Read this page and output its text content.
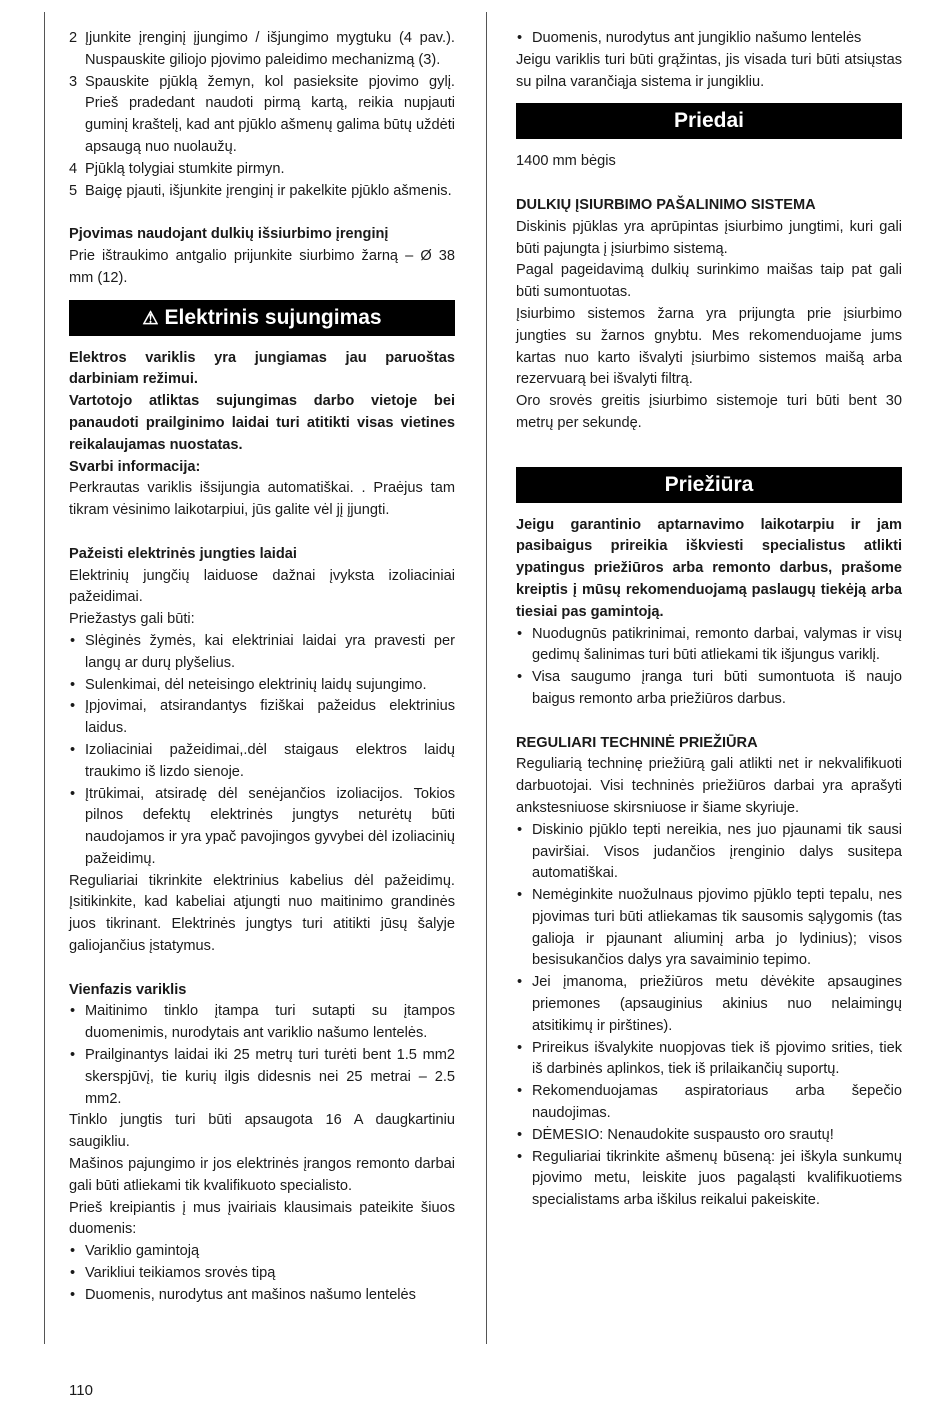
2 Įjunkite įrenginį įjungimo / išjungimo mygtuku (4 pav.). Nuspauskite giliojo pjovimo paleidimo mechanizmą (3).
3 Spauskite pjūklą žemyn, kol pasieksite pjovimo gylį. Prieš pradedant naudoti pirmą kartą, reikia nupjauti guminį kraštelį, kad ant pjūklo ašmenų galima būtų uždėti apsaugą nuo nuolaužų.
4 Pjūklą tolygiai stumkite pirmyn.
5 Baigę pjauti, išjunkite įrenginį ir pakelkite pjūklo ašmenis.

Pjovimas naudojant dulkių išsiurbimo įrenginį

Prie ištraukimo antgalio prijunkite siurbimo žarną – Ø 38 mm (12).

⚠ Elektrinis sujungimas

Elektros variklis yra jungiamas jau paruoštas darbiniam režimui.

Vartotojo atliktas sujungimas darbo vietoje bei panaudoti prailginimo laidai turi atitikti visas vietines reikalaujamas nuostatas.

Svarbi informacija:

Perkrautas variklis išsijungia automatiškai. . Praėjus tam tikram vėsinimo laikotarpiui, jūs galite vėl jį įjungti.

Pažeisti elektrinės jungties laidai

Elektrinių jungčių laiduose dažnai įvyksta izoliaciniai pažeidimai.

Priežastys gali būti:

• Slėginės žymės, kai elektriniai laidai yra pravesti per langų ar durų plyšelius.
• Sulenkimai, dėl neteisingo elektrinių laidų sujungimo.
• Įpjovimai, atsirandantys fiziškai pažeidus elektrinius laidus.
• Izoliaciniai pažeidimai,.dėl staigaus elektros laidų traukimo iš lizdo sienoje.
• Įtrūkimai, atsiradę dėl senėjančios izoliacijos. Tokios pilnos defektų elektrinės jungtys neturėtų būti naudojamos ir yra ypač pavojingos gyvybei dėl izoliacinių pažeidimų.

Reguliariai tikrinkite elektrinius kabelius dėl pažeidimų. Įsitikinkite, kad kabeliai atjungti nuo maitinimo grandinės juos tikrinant. Elektrinės jungtys turi atitikti jūsų šalyje galiojančius įstatymus.

Vienfazis variklis

• Maitinimo tinklo įtampa turi sutapti su įtampos duomenimis, nurodytais ant variklio našumo lentelės.
• Prailginantys laidai iki 25 metrų turi turėti bent 1.5 mm2 skerspjūvį, tie kurių ilgis didesnis nei 25 metrai – 2.5 mm2.

Tinklo jungtis turi būti apsaugota 16 A daugkartiniu saugikliu.

Mašinos pajungimo ir jos elektrinės įrangos remonto darbai gali būti atliekami tik kvalifikuoto specialisto.

Prieš kreipiantis į mus įvairiais klausimais pateikite šiuos duomenis:

• Variklio gamintoją
• Varikliui teikiamos srovės tipą
• Duomenis, nurodytus ant mašinos našumo lentelės
• Duomenis, nurodytus ant jungiklio našumo lentelės

Jeigu variklis turi būti grąžintas, jis visada turi būti atsiųstas su pilna varančiąja sistema ir jungikliu.

Priedai

1400 mm bėgis

DULKIŲ ĮSIURBIMO PAŠALINIMO SISTEMA

Diskinis pjūklas yra aprūpintas įsiurbimo jungtimi, kuri gali būti pajungta į įsiurbimo sistemą.

Pagal pageidavimą dulkių surinkimo maišas taip pat gali būti sumontuotas.

Įsiurbimo sistemos žarna yra prijungta prie įsiurbimo jungties su žarnos gnybtu. Mes rekomenduojame jums kartas nuo karto išvalyti įsiurbimo sistemos maišą arba rezervuarą bei išvalyti filtrą.

Oro srovės greitis įsiurbimo sistemoje turi būti bent 30 metrų per sekundę.

Priežiūra

Jeigu garantinio aptarnavimo laikotarpiu ir jam pasibaigus prireikia iškviesti specialistus atlikti ypatingus priežiūros arba remonto darbus, prašome kreiptis į mūsų rekomenduojamą paslaugų tiekėją arba tiesiai pas gamintoją.

• Nuodugnūs patikrinimai, remonto darbai, valymas ir visų gedimų šalinimas turi būti atliekami tik išjungus variklį.
• Visa saugumo įranga turi būti sumontuota iš naujo baigus remonto arba priežiūros darbus.

REGULIARI TECHNINĖ PRIEŽIŪRA

Reguliarią techninę priežiūrą gali atlikti net ir nekvalifikuoti darbuotojai. Visi techninės priežiūros darbai yra aprašyti ankstesniuose skirsniuose ir šiame skyriuje.

• Diskinio pjūklo tepti nereikia, nes juo pjaunami tik sausi paviršiai. Visos judančios įrenginio dalys susitepa automatiškai.
• Nemėginkite nuožulnaus pjovimo pjūklo tepti tepalu, nes pjovimas turi būti atliekamas tik sausomis sąlygomis (tas galioja ir pjaunant aliuminį arba jo lydinius); visos besisukančios dalys yra savaiminio tepimo.
• Jei įmanoma, priežiūros metu dėvėkite apsaugines priemones (apsauginius akinius nuo nelaimingų atsitikimų ir pirštines).
• Prireikus išvalykite nuopjovas tiek iš pjovimo srities, tiek iš darbinės aplinkos, tiek iš prilaikančių suportų.
• Rekomenduojamas aspiratoriaus arba šepečio naudojimas.
• DĖMESIO: Nenaudokite suspausto oro srautų!
• Reguliariai tikrinkite ašmenų būseną: jei iškyla sunkumų pjovimo metu, leiskite juos pagaląsti kvalifikuotiems specialistams arba iškilus reikalui pakeiskite.
110
